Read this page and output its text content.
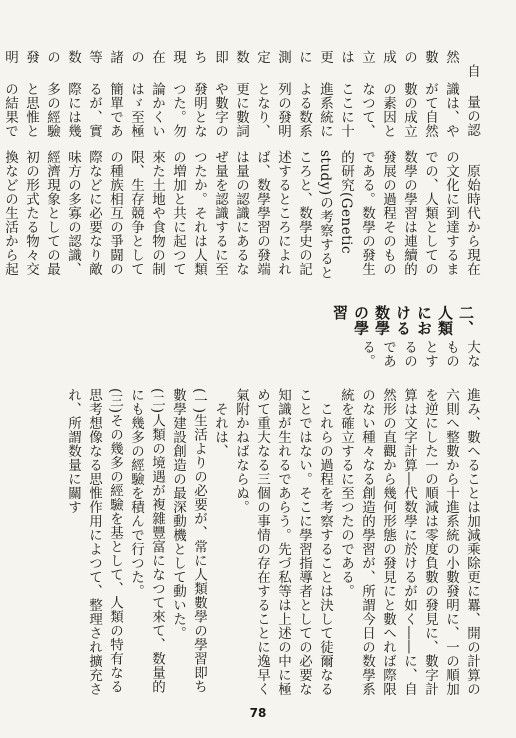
大なものとするのである。

二、人類における数學の學習

原始時代から現在の文化に到達するまでの、人類としての数學の學習は連續的發展の過程そのものである。数學の發生的研究(Genetic study)の考察するところと、数學史の記述するところによれば、数學學習の發端は量の認識にあるなぜ量を認識するに至つたか。それは人類の増加と共に起つて來た土地や食物の制限、生存競争としての種族相互の爭闘の際などに必要なり敵味方の多寡の認識、經濟現象としての最初の形式たる物々交換などの生活から起

量の認識は、やがて自然數の成立の素因となつて、ここに十進系統による数系列の發明となり、更に數詞や數字の發明となつた。勿論かくいはゞ至極簡單であるが、實際には幾多の經驗と思惟との結果で

自然數の成立は更に測定数即ち現在の諸等数の發明

進み、數へることは加減乘除更に羃、開の計算の六則へ整數から十進系統の小數發明に、一の順加を逆にした一の順減は零度負數の發見に、數字計算は文字計算―代数學に於けるが如く――に、自然形の直觀から幾何形態の發見にと數へれば際限のない種々なる創造的學習が、所謂今日の数學系統を確立するに至つたのである。

これらの過程を考察することは決して徒爾なることではない。そこに學習指導者としての必要な知識が生れるであらう。先づ私等は上述の中に極めて重大なる三個の事情の存在することに逸早く氣附かねばならぬ。

それは、

(一)生活よりの必要が、常に人類數學の學習即ち數學建設創造の最深動機として動いた。

(二)人類の境遇が複雜豐富になつて來て、数量的にも幾多の經驗を積んで行つた。

(三)その幾多の經驗を基として、人類の特有なる思考想像なる思惟作用によつて、整理され擴充され、所謂数量に關す

78
